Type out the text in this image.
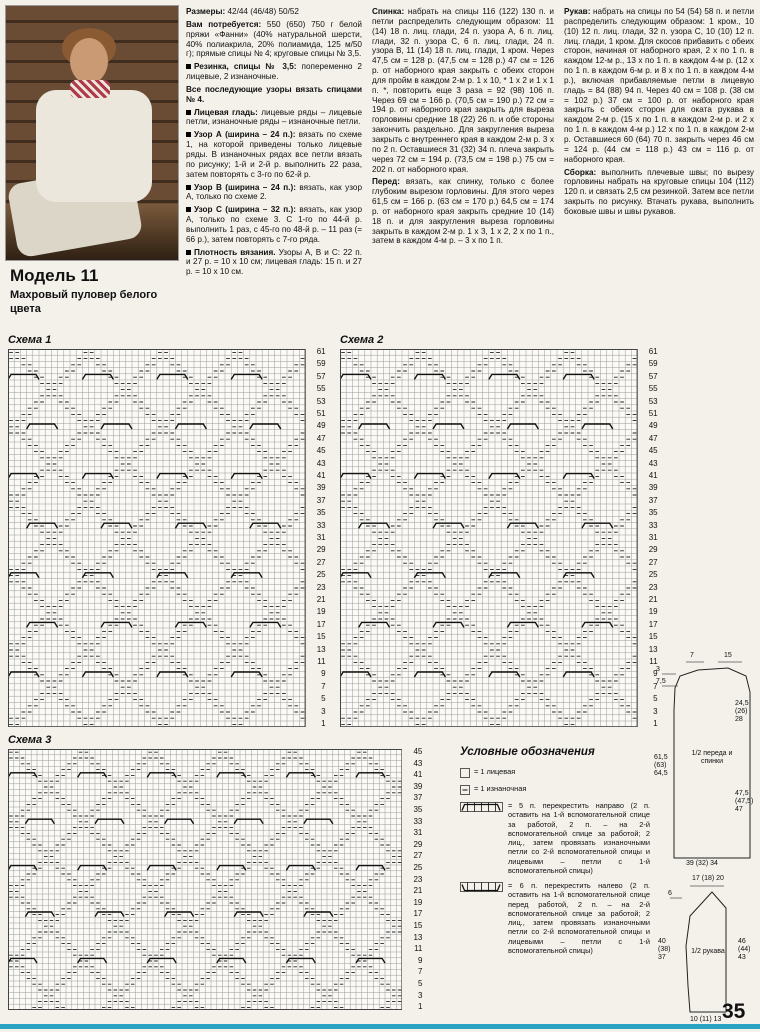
Модель 11
Махровый пуловер белого цвета

Размеры: 42/44 (46/48) 50/52

Вам потребуется: 550 (650) 750 г белой пряжи «Фанни» (40% натуральной шерсти, 40% полиакрила, 20% полиамида, 125 м/50 г); прямые спицы № 4; круговые спицы № 3,5.

Резинка, спицы № 3,5: попеременно 2 лицевые, 2 изнаночные.

Все последующие узоры вязать спицами № 4.

Лицевая гладь: лицевые ряды – лицевые петли, изнаночные ряды – изнаночные петли.

Узор А (ширина – 24 п.): вязать по схеме 1, на которой приведены только лицевые ряды. В изнаночных рядах все петли вязать по рисунку; 1-й и 2-й р. выполнить 22 раза, затем повторять с 3-го по 62-й р.

Узор В (ширина – 24 п.): вязать, как узор А, только по схеме 2.

Узор С (ширина – 32 п.): вязать, как узор А, только по схеме 3. С 1-го по 44-й р. выполнить 1 раз, с 45-го по 48-й р. – 11 раз (= 66 р.), затем повторять с 7-го ряда.

Плотность вязания. Узоры А, В и С: 22 п. и 27 р. = 10 х 10 см; лицевая гладь: 15 п. и 27 р. = 10 х 10 см.

Спинка: набрать на спицы 116 (122) 130 п. и петли распределить следующим образом: 11 (14) 18 п. лиц. глади, 24 п. узора А, 6 п. лиц. глади, 32 п. узора С, 6 п. лиц. глади, 24 п. узора В, 11 (14) 18 п. лиц. глади, 1 кром. Через 47,5 см = 128 р. (47,5 см = 128 р.) 47 см = 126 р. от наборного края закрыть с обеих сторон для пройм в каждом 2-м р. 1 х 10, * 1 х 2 и 1 х 1 п. *, повторить еще 3 раза = 92 (98) 106 п. Через 69 см = 166 р. (70,5 см = 190 р.) 72 см = 194 р. от наборного края закрыть для выреза горловины средние 18 (22) 26 п. и обе стороны закончить раздельно. Для закругления выреза закрыть с внутреннего края в каждом 2-м р. 3 х по 2 п. Оставшиеся 31 (32) 34 п. плеча закрыть через 72 см = 194 р. (73,5 см = 198 р.) 75 см = 202 п. от наборного края.

Перед: вязать, как спинку, только с более глубоким вырезом горловины. Для этого через 61,5 см = 166 р. (63 см = 170 р.) 64,5 см = 174 р. от наборного края закрыть средние 10 (14) 18 п. и для закругления выреза горловины закрыть в каждом 2-м р. 1 х 3, 1 х 2, 2 х по 1 п., затем в каждом 4-м р. – 3 х по 1 п.

Рукав: набрать на спицы по 54 (54) 58 п. и петли распределить следующим образом: 1 кром., 10 (10) 12 п. лиц. глади, 32 п. узора С, 10 (10) 12 п. лиц. глади, 1 кром. Для скосов прибавить с обеих сторон, начиная от наборного края, 2 х по 1 п. в каждом 12-м р., 13 х по 1 п. в каждом 4-м р. (12 х по 1 п. в каждом 6-м р. и 8 х по 1 п. в каждом 4-м р.), включая прибавляемые петли в лицевую гладь = 84 (88) 94 п. Через 40 см = 108 р. (38 см = 102 р.) 37 см = 100 р. от наборного края закрыть с обеих сторон для оката рукава в каждом 2-м р. (15 х по 1 п. в каждом 2-м р. и 2 х по 1 п. в каждом 4-м р.) 12 х по 1 п. в каждом 2-м р. Оставшиеся 60 (64) 70 п. закрыть через 46 см = 124 р. (44 см = 118 р.) 43 см = 116 р. от наборного края.

Сборка: выполнить плечевые швы; по вырезу горловины набрать на круговые спицы 104 (112) 120 п. и связать 2,5 см резинкой. Затем все петли закрыть по рисунку. Втачать рукава, выполнить боковые швы и швы рукавов.

Схема 1
61
59
57
55
53
51
49
47
45
43
41
39
37
35
33
31
29
27
25
23
21
19
17
15
13
11
9
7
5
3
1
Схема 2
61
59
57
55
53
51
49
47
45
43
41
39
37
35
33
31
29
27
25
23
21
19
17
15
13
11
9
7
5
3
1
Схема 3
45
43
41
39
37
35
33
31
29
27
25
23
21
19
17
15
13
11
9
7
5
3
1
Условные обозначения
= 1 лицевая
= 1 изнаночная
= 5 п. перекрестить направо (2 п. оставить на 1-й вспомогательной спице за работой, 2 п. – на 2-й вспомогательной спице за работой; 2 лиц., затем провязать изнаночными петли со 2-й вспомогательной спицы и лицевыми – петли с 1-й вспомогательной спицы)
= 6 п. перекрестить налево (2 п. оставить на 1-й вспомогательной спице перед работой, 2 п. – на 2-й вспомогательной спице за работой; 2 лиц., затем провязать изнаночными петли со 2-й вспомогательной спицы и лицевыми – петли с 1-й вспомогательной спицы)
7	15
3
7,5
24,5 (26) 28
1/2 переда и спинки
61,5 (63) 64,5
47,5 (47,5) 47
39 (32) 34
17 (18) 20
6
40 (38) 37
46 (44) 43
1/2 рукава
10 (11) 13 35
